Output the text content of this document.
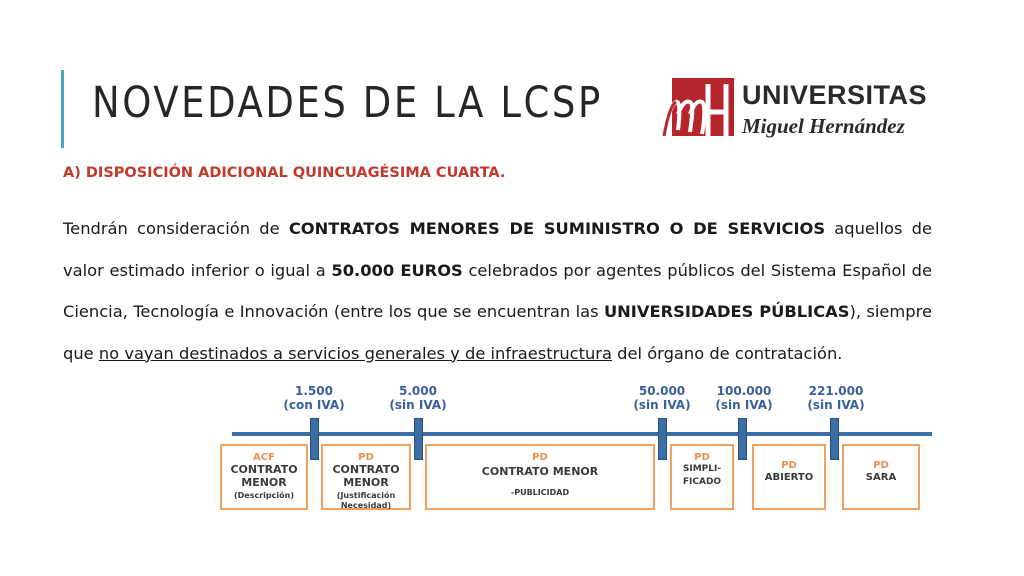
NOVEDADES DE LA LCSP	UNIVERSITAS
Miguel Hernández
A) DISPOSICIÓN ADICIONAL QUINCUAGÉSIMA CUARTA.
Tendrán consideración de CONTRATOS MENORES DE SUMINISTRO O DE SERVICIOS aquellos de valor estimado inferior o igual a 50.000 EUROS celebrados por agentes públicos del Sistema Español de Ciencia, Tecnología e Innovación (entre los que se encuentran las UNIVERSIDADES PÚBLICAS), siempre que no vayan destinados a servicios generales y de infraestructura del órgano de contratación.
1.500
(con IVA)
5.000
(sin IVA)
50.000
(sin IVA)
100.000
(sin IVA)
221.000
(sin IVA)
ACF
CONTRATO MENOR
(Descripción)
PD
CONTRATO MENOR
(Justificación Necesidad)
PD
CONTRATO MENOR
-PUBLICIDAD
PD
SIMPLI-FICADO
PD
ABIERTO
PD
SARA
